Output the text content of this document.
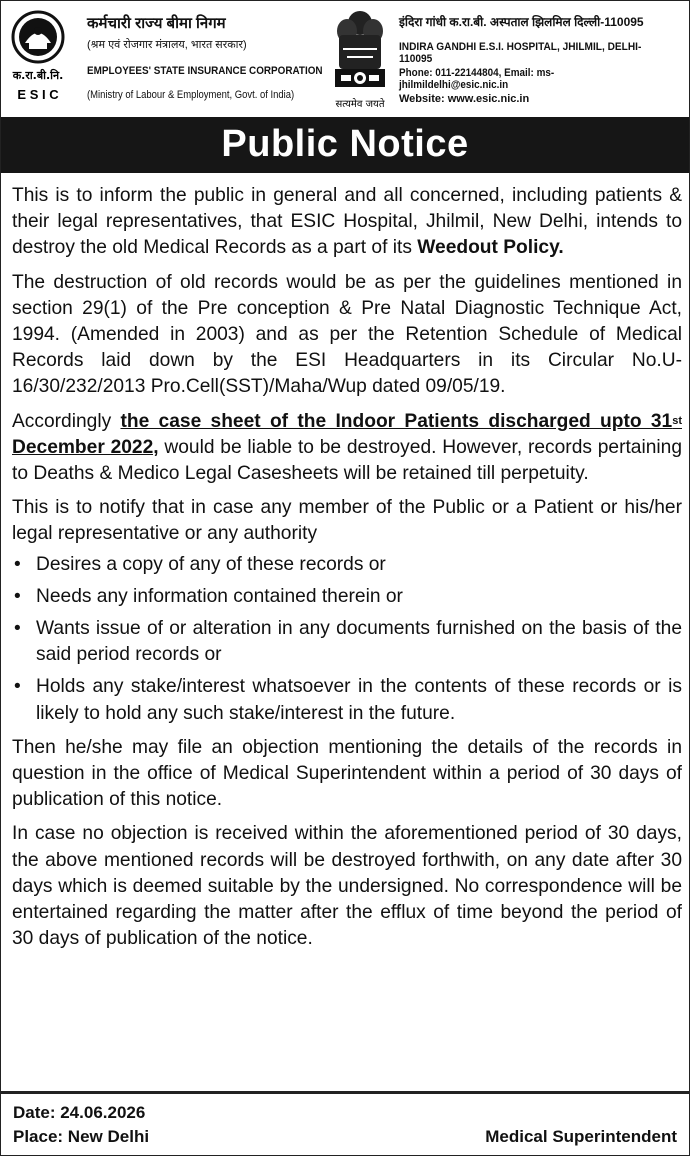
क.रा.बी.नि.
E S I C
कर्मचारी राज्य बीमा निगम
(श्रम एवं रोजगार मंत्रालय, भारत सरकार)
EMPLOYEES' STATE INSURANCE CORPORATION
(Ministry of Labour & Employment, Govt. of India)
सत्यमेव जयते
इंदिरा गांधी क.रा.बी. अस्पताल झिलमिल दिल्ली-110095
INDIRA GANDHI E.S.I. HOSPITAL, JHILMIL, DELHI-110095
Phone: 011-22144804, Email: ms-jhilmildelhi@esic.nic.in
Website: www.esic.nic.in
Public Notice

This is to inform the public in general and all concerned, including patients & their legal representatives, that ESIC Hospital, Jhilmil, New Delhi, intends to destroy the old Medical Records as a part of its Weedout Policy.

The destruction of old records would be as per the guidelines mentioned in section 29(1) of the Pre conception & Pre Natal Diagnostic Technique Act, 1994. (Amended in 2003) and as per the Retention Schedule of Medical Records laid down by the ESI Headquarters in its Circular No.U-16/30/232/2013 Pro.Cell(SST)/Maha/Wup dated 09/05/19.

Accordingly the case sheet of the Indoor Patients discharged upto 31st December 2022, would be liable to be destroyed. However, records pertaining to Deaths & Medico Legal Casesheets will be retained till perpetuity.

This is to notify that in case any member of the Public or a Patient or his/her legal representative or any authority

• Desires a copy of any of these records or
• Needs any information contained therein or
• Wants issue of or alteration in any documents furnished on the basis of the said period records or
• Holds any stake/interest whatsoever in the contents of these records or is likely to hold any such stake/interest in the future.

Then he/she may file an objection mentioning the details of the records in question in the office of Medical Superintendent within a period of 30 days of publication of this notice.

In case no objection is received within the aforementioned period of 30 days, the above mentioned records will be destroyed forthwith, on any date after 30 days which is deemed suitable by the undersigned. No correspondence will be entertained regarding the matter after the efflux of time beyond the period of 30 days of publication of the notice.

Date: 24.06.2026
Place: New Delhi	Medical Superintendent
